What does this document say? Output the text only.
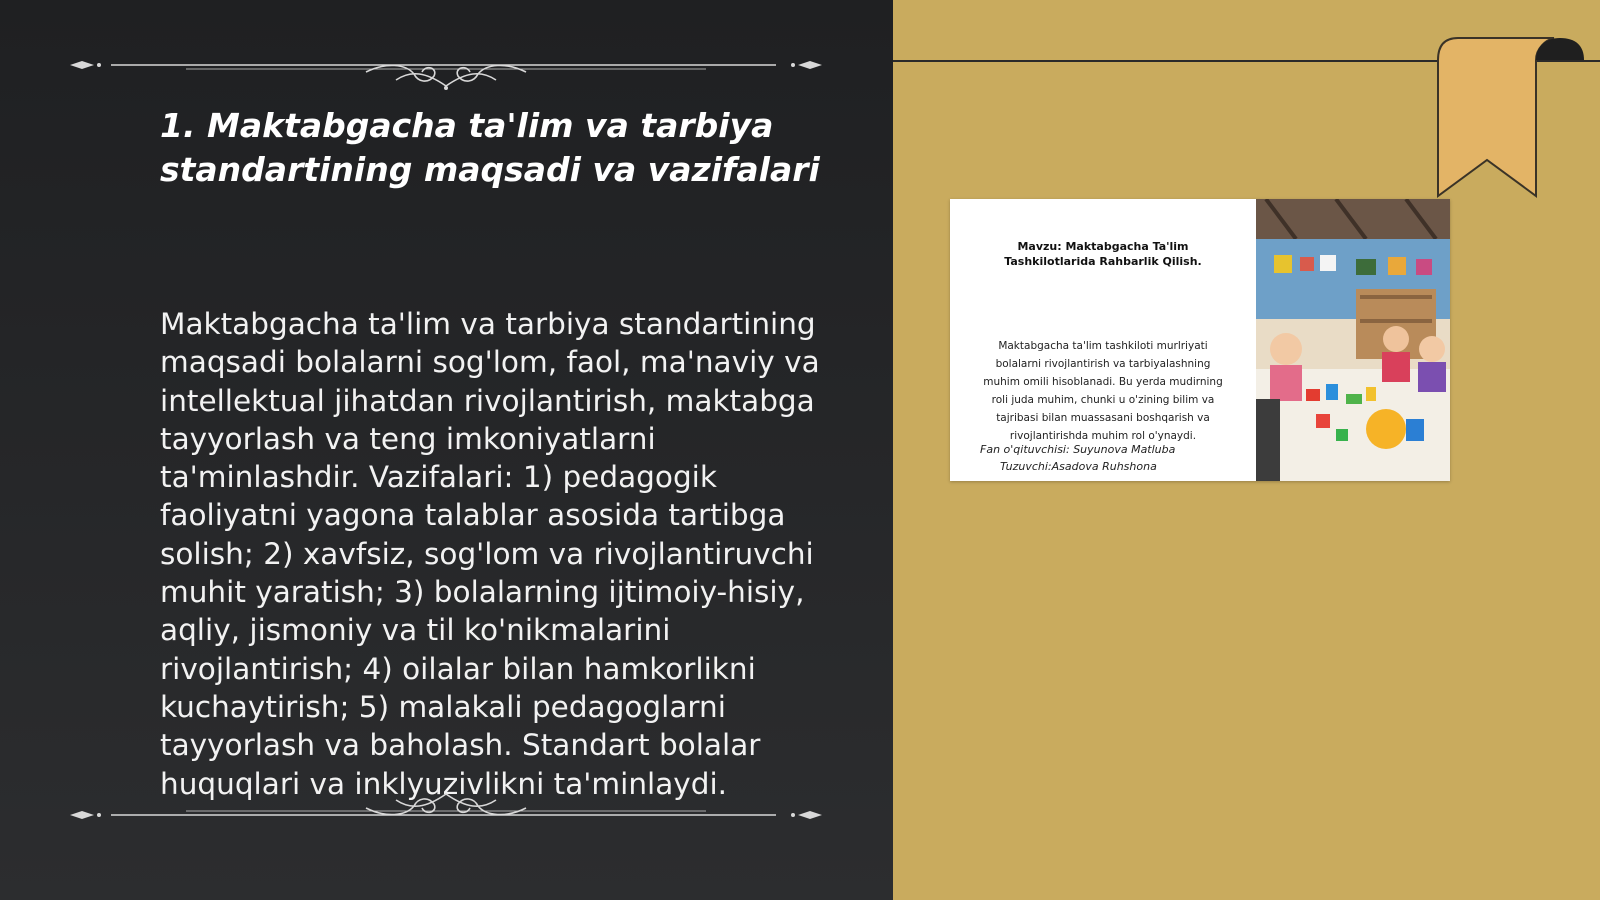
1. Maktabgacha ta'lim va tarbiya standartining maqsadi va vazifalari

Maktabgacha ta'lim va tarbiya standartining maqsadi bolalarni sog'lom, faol, ma'naviy va intellektual jihatdan rivojlantirish, maktabga tayyorlash va teng imkoniyatlarni ta'minlashdir. Vazifalari: 1) pedagogik faoliyatni yagona talablar asosida tartibga solish; 2) xavfsiz, sog'lom va rivojlantiruvchi muhit yaratish; 3) bolalarning ijtimoiy-hisiy, aqliy, jismoniy va til ko'nikmalarini rivojlantirish; 4) oilalar bilan hamkorlikni kuchaytirish; 5) malakali pedagoglarni tayyorlash va baholash. Standart bolalar huquqlari va inklyuzivlikni ta'minlaydi.

Mavzu: Maktabgacha Ta'lim Tashkilotlarida Rahbarlik Qilish.

Maktabgacha ta'lim tashkiloti murlriyati bolalarni rivojlantirish va tarbiyalashning muhim omili hisoblanadi. Bu yerda mudirning roli juda muhim, chunki u o'zining bilim va tajribasi bilan muassasani boshqarish va rivojlantirishda muhim rol o'ynaydi.

Fan o'qituvchisi: Suyunova Matluba
Tuzuvchi:Asadova Ruhshona
